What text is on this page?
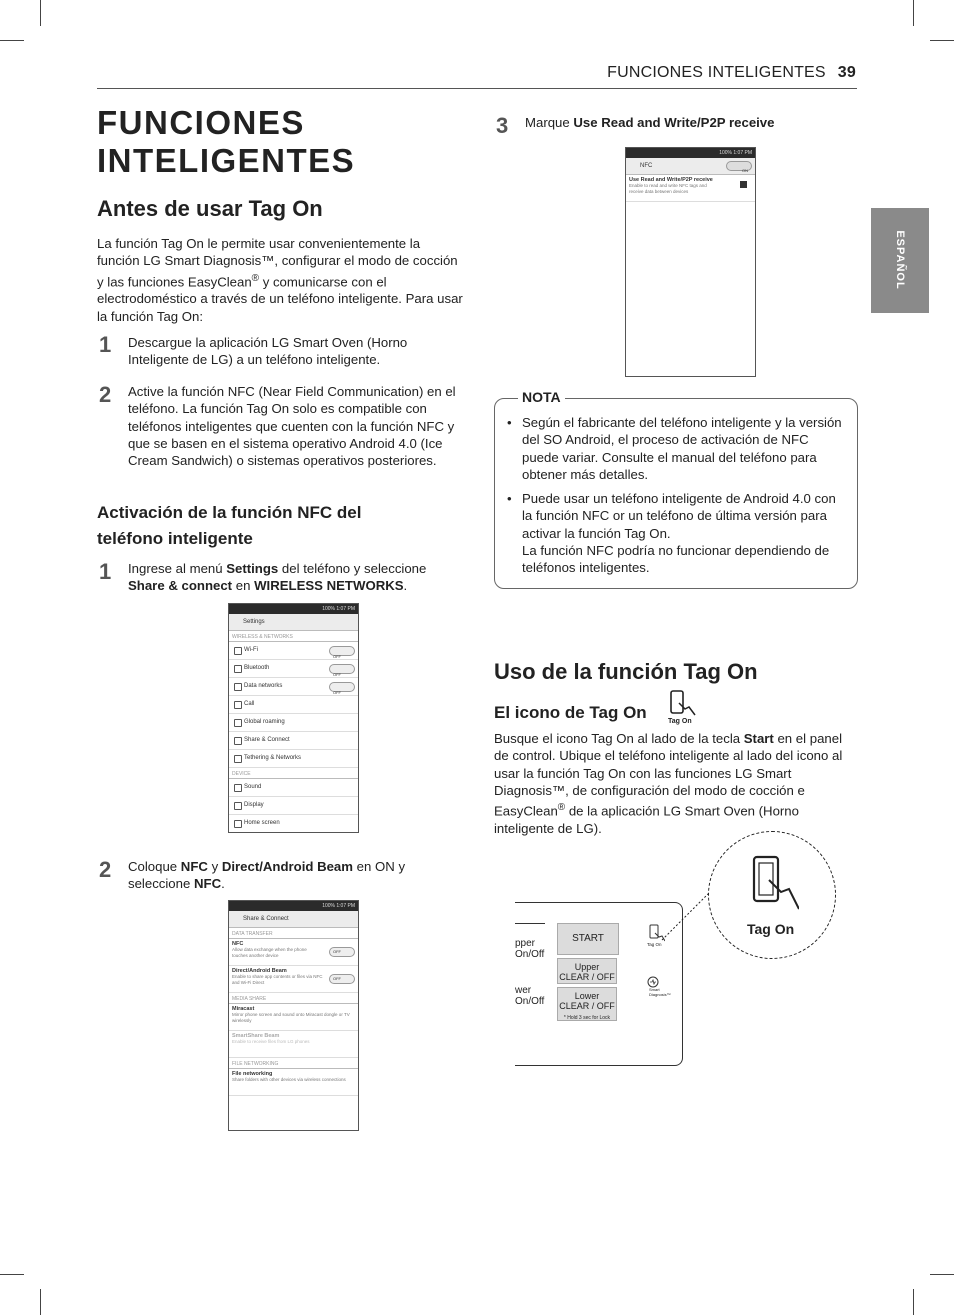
FUNCIONES INTELIGENTES 39
ESPAÑOL
FUNCIONES
INTELIGENTES
Antes de usar Tag On
La función Tag On le permite usar convenientemente la función LG Smart Diagnosis™, configurar el modo de cocción y las funciones EasyClean® y comunicarse con el electrodoméstico a través de un teléfono inteligente. Para usar la función Tag On:
1 Descargue la aplicación LG Smart Oven (Horno Inteligente de LG) a un teléfono inteligente.
2 Active la función NFC (Near Field Communication) en el teléfono. La función Tag On solo es compatible con teléfonos inteligentes que cuenten con la función NFC y que se basen en el sistema operativo Android 4.0 (Ice Cream Sandwich) o sistemas operativos posteriores.
Activación de la función NFC del teléfono inteligente
1 Ingrese al menú Settings del teléfono y seleccione Share & connect en WIRELESS NETWORKS.
100% 1:07 PM
Settings
WIRELESS & NETWORKS
Wi-Fi
OFF
Bluetooth
OFF
Data networks
OFF
Call
Global roaming
Share & Connect
Tethering & Networks
DEVICE
Sound
Display
Home screen
2 Coloque NFC y Direct/Android Beam en ON y seleccione NFC.
100% 1:07 PM
Share & Connect
DATA TRANSFER
NFC
Allow data exchange when the phone touches another device
OFF
Direct/Android Beam
Enable to share app contents or files via NFC and Wi-Fi Direct
OFF
MEDIA SHARE
Miracast
Mirror phone screen and sound onto Miracast dongle or TV wirelessly
SmartShare Beam
Enable to receive files from LG phones
FILE NETWORKING
File networking
Share folders with other devices via wireless connections
3 Marque Use Read and Write/P2P receive
100% 1:07 PM
NFC
ON
Use Read and Write/P2P receive
Enable to read and write NFC tags and receive data between devices
NOTA
• Según el fabricante del teléfono inteligente y la versión del SO Android, el proceso de activación de NFC puede variar. Consulte el manual del teléfono para obtener más detalles.
• Puede usar un teléfono inteligente de Android 4.0 con la función NFC or un teléfono de última versión para activar la función Tag On.
La función NFC podría no funcionar dependiendo de teléfonos inteligentes.
Uso de la función Tag On
El icono de Tag On	Tag On
Busque el icono Tag On al lado de la tecla Start en el panel de control. Ubique el teléfono inteligente al lado del icono al usar la función Tag On con las funciones LG Smart Diagnosis™, de configuración del modo de cocción e EasyClean® de la aplicación LG Smart Oven (Horno inteligente de LG).
pper
On/Off
wer
On/Off
START
Upper
CLEAR / OFF
Lower
CLEAR / OFF
* Hold 3 sec for Lock
Tag On
Smart
Diagnosis™
Tag On
